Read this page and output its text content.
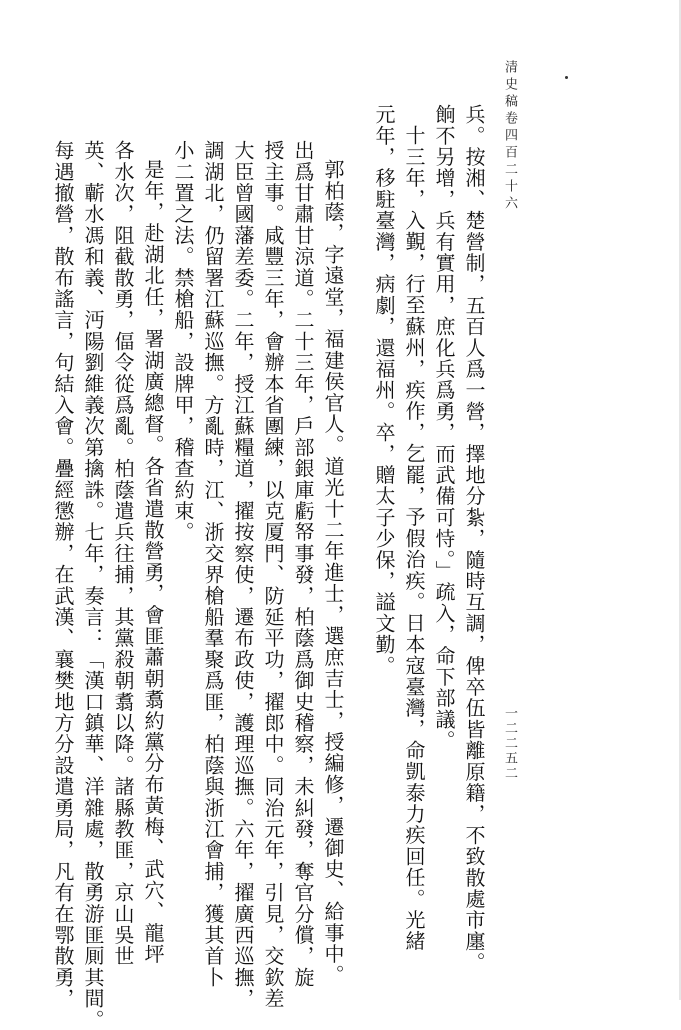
清史稿卷四百二十六
一二二五二
兵。按湘、楚營制，五百人爲一營，擇地分紮，隨時互調，俾卒伍皆離原籍，不致散處市廛。
餉不另增，兵有實用，庶化兵爲勇，而武備可恃。」疏入，命下部議。
十三年，入覲，行至蘇州，疾作，乞罷，予假治疾。日本寇臺灣，命凱泰力疾回任。光緒
元年，移駐臺灣，病劇，還福州。卒，贈太子少保，謚文勤。
郭柏蔭，字遠堂，福建侯官人。道光十二年進士，選庶吉士，授編修，遷御史、給事中。
出爲甘肅甘涼道。二十三年，戶部銀庫虧帑事發，柏蔭爲御史稽察，未糾發，奪官分償，旋
授主事。咸豐三年，會辦本省團練，以克厦門、防延平功，擢郎中。同治元年，引見，交欽差
大臣曾國藩差委。二年，授江蘇糧道，擢按察使，遷布政使，護理巡撫。六年，擢廣西巡撫，
調湖北，仍留署江蘇巡撫。方亂時，江、浙交界槍船羣聚爲匪，柏蔭與浙江會捕，獲其首卜
小二置之法。禁槍船，設牌甲，稽查約束。
是年，赴湖北任，署湖廣總督。各省遣散營勇，會匪蕭朝翥約黨分布黃梅、武穴、龍坪
各水次，阻截散勇，偪令從爲亂。柏蔭遣兵往捕，其黨殺朝翥以降。諸縣教匪，京山吳世
英、蘄水馮和義、沔陽劉維義次第擒誅。七年，奏言：「漢口鎮華、洋雜處，散勇游匪厠其間。
每遇撤營，散布謠言，句結入會。疊經懲辦，在武漢、襄樊地方分設遣勇局，凡有在鄂散勇，
